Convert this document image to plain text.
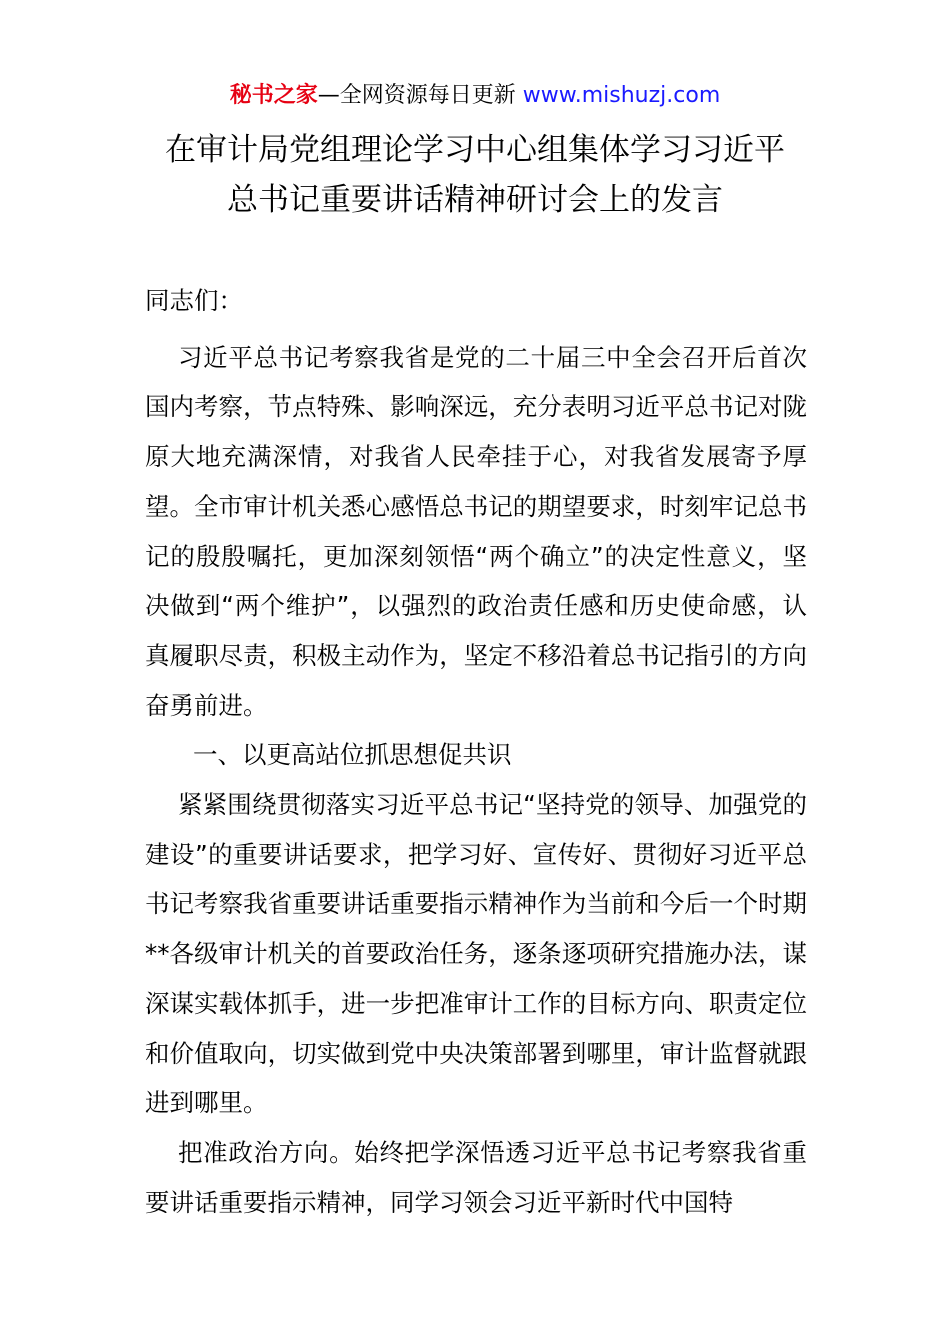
秘书之家—全网资源每日更新 www.mishuzj.com
在审计局党组理论学习中心组集体学习习近平
总书记重要讲话精神研讨会上的发言

同志们：

习近平总书记考察我省是党的二十届三中全会召开后首次国内考察，节点特殊、影响深远，充分表明习近平总书记对陇原大地充满深情，对我省人民牵挂于心，对我省发展寄予厚望。全市审计机关悉心感悟总书记的期望要求，时刻牢记总书记的殷殷嘱托，更加深刻领悟“两个确立”的决定性意义，坚决做到“两个维护”，以强烈的政治责任感和历史使命感，认真履职尽责，积极主动作为，坚定不移沿着总书记指引的方向奋勇前进。

一、以更高站位抓思想促共识

紧紧围绕贯彻落实习近平总书记“坚持党的领导、加强党的建设”的重要讲话要求，把学习好、宣传好、贯彻好习近平总书记考察我省重要讲话重要指示精神作为当前和今后一个时期**各级审计机关的首要政治任务，逐条逐项研究措施办法，谋深谋实载体抓手，进一步把准审计工作的目标方向、职责定位和价值取向，切实做到党中央决策部署到哪里，审计监督就跟进到哪里。

把准政治方向。始终把学深悟透习近平总书记考察我省重要讲话重要指示精神，同学习领会习近平新时代中国特
